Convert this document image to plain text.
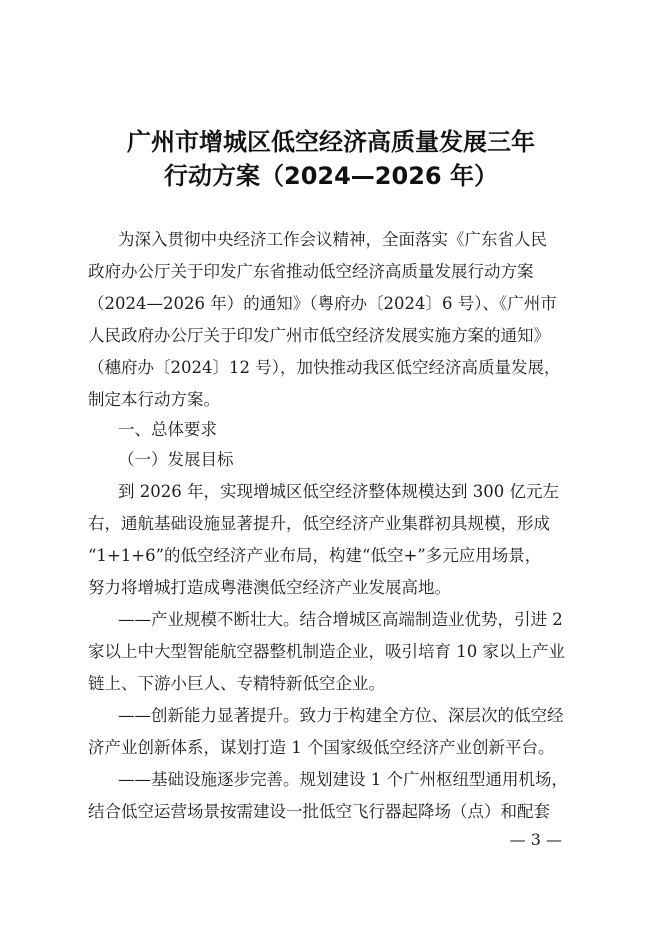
广州市增城区低空经济高质量发展三年
行动方案（2024—2026 年）
为深入贯彻中央经济工作会议精神，全面落实《广东省人民
政府办公厅关于印发广东省推动低空经济高质量发展行动方案
（2024—2026 年）的通知》（粤府办〔2024〕6 号）、《广州市
人民政府办公厅关于印发广州市低空经济发展实施方案的通知》
（穗府办〔2024〕12 号），加快推动我区低空经济高质量发展，
制定本行动方案。
一、总体要求
（一）发展目标
到 2026 年，实现增城区低空经济整体规模达到 300 亿元左
右，通航基础设施显著提升，低空经济产业集群初具规模，形成
“1+1+6”的低空经济产业布局，构建“低空+”多元应用场景，
努力将增城打造成粤港澳低空经济产业发展高地。
——产业规模不断壮大。结合增城区高端制造业优势，引进 2
家以上中大型智能航空器整机制造企业，吸引培育 10 家以上产业
链上、下游小巨人、专精特新低空企业。
——创新能力显著提升。致力于构建全方位、深层次的低空经
济产业创新体系，谋划打造 1 个国家级低空经济产业创新平台。
——基础设施逐步完善。规划建设 1 个广州枢纽型通用机场，
结合低空运营场景按需建设一批低空飞行器起降场（点）和配套
— 3 —
